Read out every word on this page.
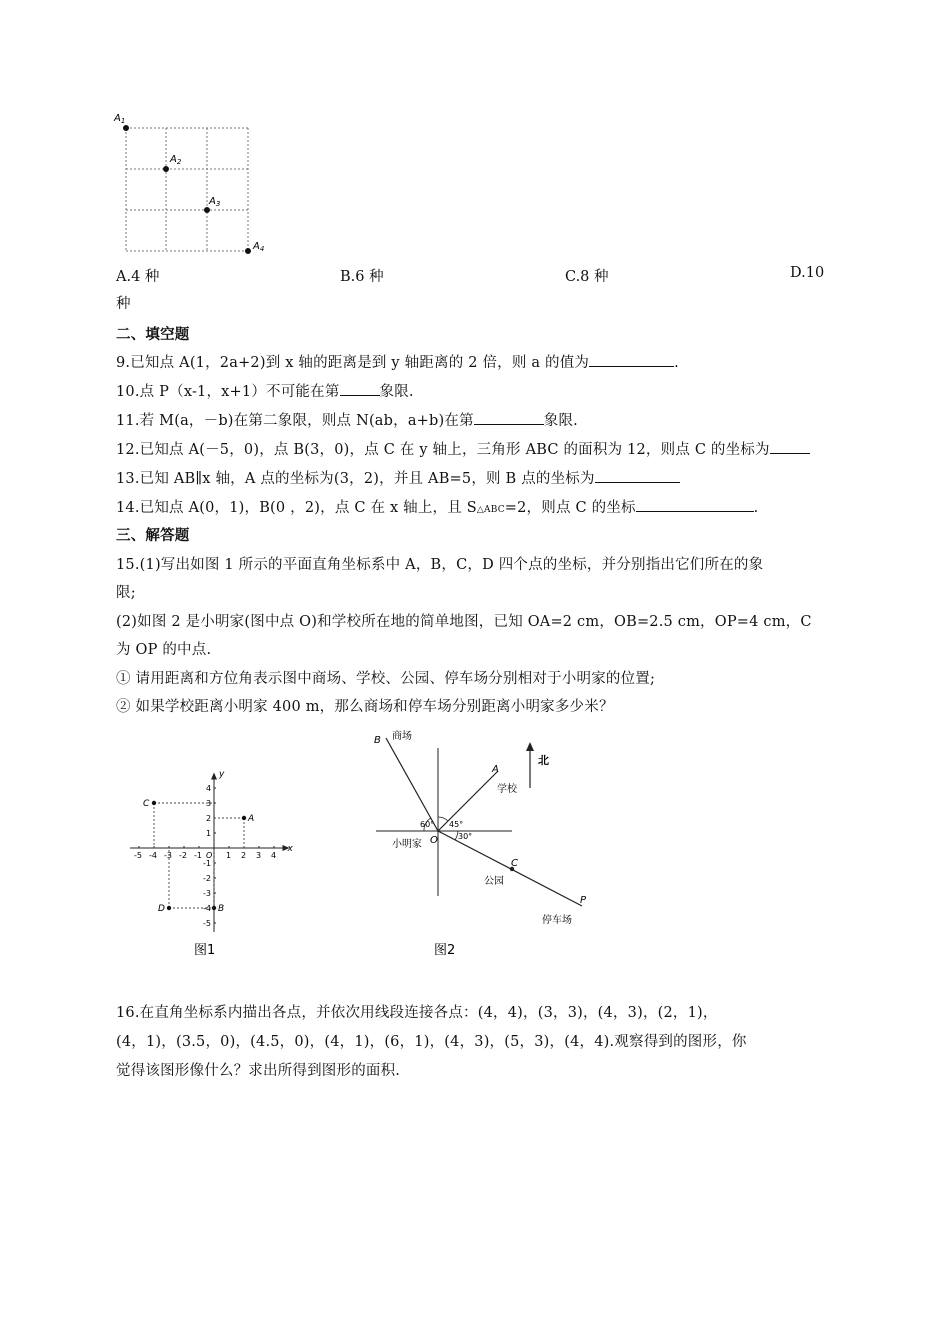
$A_1$
$A_2$
$A_3$
$A_4$
A.4 种	B.6 种	C.8 种	D.10
种
二、填空题
9.已知点 A(1，2a+2)到 x 轴的距离是到 y 轴距离的 2 倍，则 a 的值为	.
10.点 P（x-1，x+1）不可能在第	象限.
11.若 M(a，－b)在第二象限，则点 N(ab，a+b)在第	象限.
12.已知点 A(－5，0)，点 B(3，0)，点 C 在 y 轴上，三角形 ABC 的面积为 12，则点 C 的坐标为
13.已知 AB∥x 轴，A 点的坐标为(3，2)，并且 AB=5，则 B 点的坐标为
14.已知点 A(0，1)，B(0 ，2)，点 C 在 x 轴上，且 S△ABC=2，则点 C 的坐标	.
三、解答题
15.(1)写出如图 1 所示的平面直角坐标系中 A，B，C，D 四个点的坐标，并分别指出它们所在的象
限;
(2)如图 2 是小明家(图中点 O)和学校所在地的简单地图，已知 OA=2 cm，OB=2.5 cm，OP=4 cm，C
为 OP 的中点.
① 请用距离和方位角表示图中商场、学校、公园、停车场分别相对于小明家的位置;
② 如果学校距离小明家 400 m，那么商场和停车场分别距离小明家多少米？
x
y
O
-5 -4 -3 -2 -1	1 2 3 4
4
3
2
1
-1
-2
-3
-4
-5
A
B
C
D
图1
北
60° 45°
30°
B 商场
A
学校
O
小明家
C
公园
P
停车场
图2
16.在直角坐标系内描出各点，并依次用线段连接各点：(4，4)，(3，3)，(4，3)，(2，1)，
(4，1)，(3.5，0)，(4.5，0)，(4，1)，(6，1)，(4，3)，(5，3)，(4，4).观察得到的图形，你
觉得该图形像什么？求出所得到图形的面积.
